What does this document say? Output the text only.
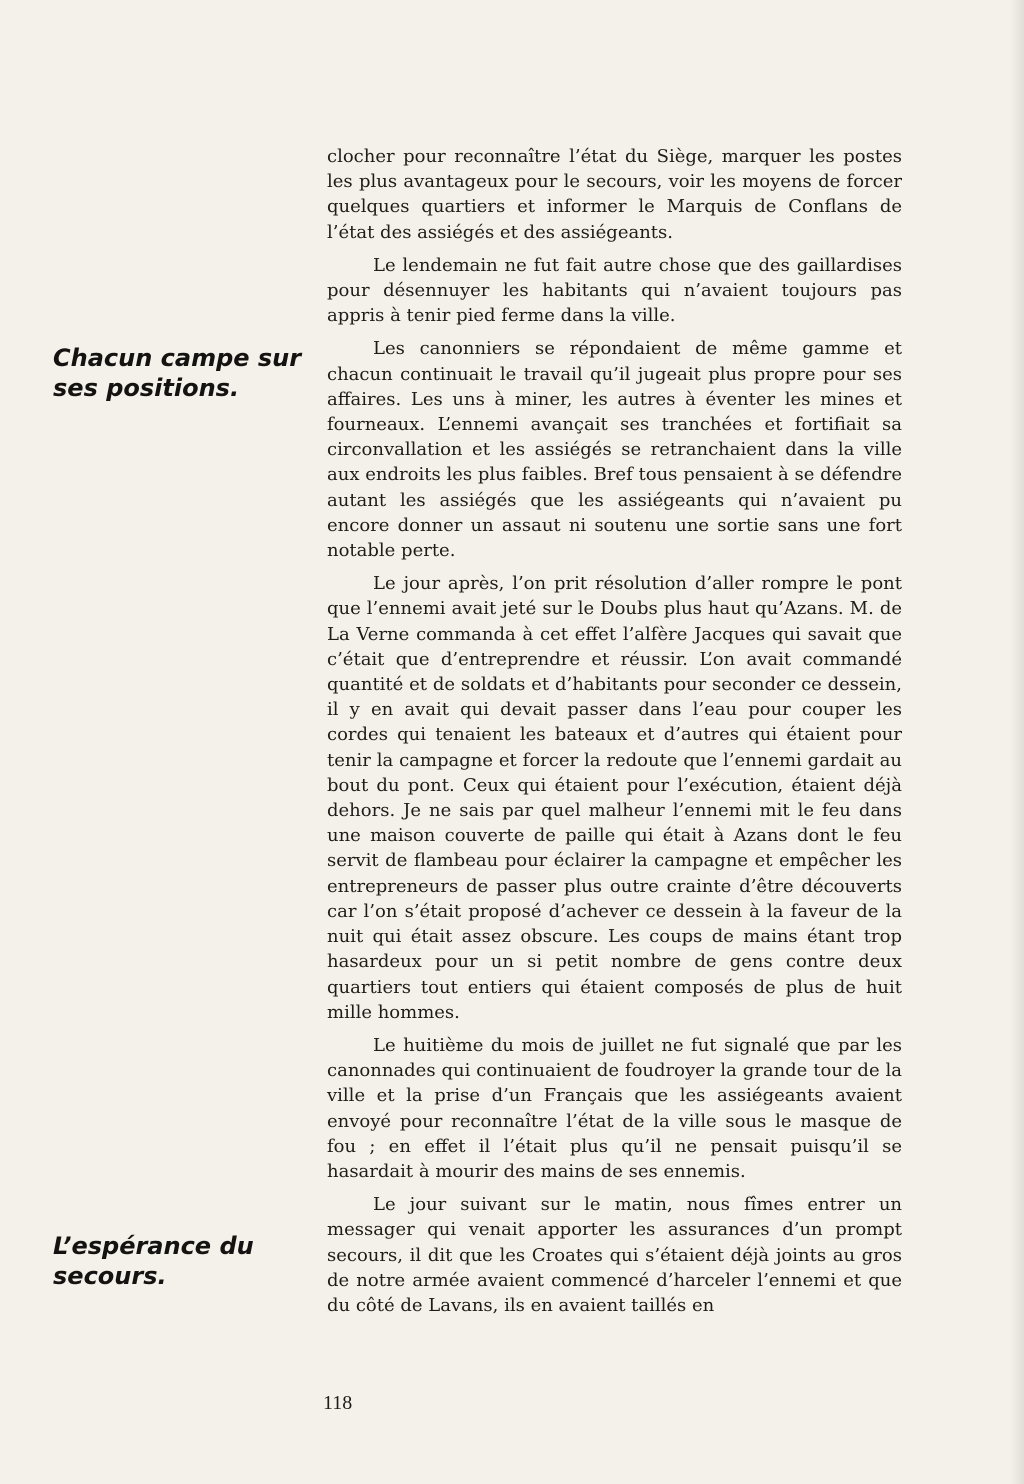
Chacun campe sur ses positions.
L’espérance du secours.

clocher pour reconnaître l’état du Siège, marquer les postes les plus avantageux pour le secours, voir les moyens de forcer quelques quartiers et informer le Marquis de Conflans de l’état des assiégés et des assiégeants.

Le lendemain ne fut fait autre chose que des gaillardises pour désennuyer les habitants qui n’avaient toujours pas appris à tenir pied ferme dans la ville.

Les canonniers se répondaient de même gamme et chacun continuait le travail qu’il jugeait plus propre pour ses affaires. Les uns à miner, les autres à éventer les mines et fourneaux. L’ennemi avançait ses tranchées et fortifiait sa circonvallation et les assiégés se retranchaient dans la ville aux endroits les plus faibles. Bref tous pensaient à se défendre autant les assiégés que les assiégeants qui n’avaient pu encore donner un assaut ni soutenu une sortie sans une fort notable perte.

Le jour après, l’on prit résolution d’aller rompre le pont que l’ennemi avait jeté sur le Doubs plus haut qu’Azans. M. de La Verne commanda à cet effet l’alfère Jacques qui savait que c’était que d’entreprendre et réussir. L’on avait commandé quantité et de soldats et d’habitants pour seconder ce dessein, il y en avait qui devait passer dans l’eau pour couper les cordes qui tenaient les bateaux et d’autres qui étaient pour tenir la campagne et forcer la redoute que l’ennemi gardait au bout du pont. Ceux qui étaient pour l’exécution, étaient déjà dehors. Je ne sais par quel malheur l’ennemi mit le feu dans une maison couverte de paille qui était à Azans dont le feu servit de flambeau pour éclairer la campagne et empêcher les entrepreneurs de passer plus outre crainte d’être découverts car l’on s’était proposé d’achever ce dessein à la faveur de la nuit qui était assez obscure. Les coups de mains étant trop hasardeux pour un si petit nombre de gens contre deux quartiers tout entiers qui étaient composés de plus de huit mille hommes.

Le huitième du mois de juillet ne fut signalé que par les canonnades qui continuaient de foudroyer la grande tour de la ville et la prise d’un Français que les assiégeants avaient envoyé pour reconnaître l’état de la ville sous le masque de fou ; en effet il l’était plus qu’il ne pensait puisqu’il se hasardait à mourir des mains de ses ennemis.

Le jour suivant sur le matin, nous fîmes entrer un messager qui venait apporter les assurances d’un prompt secours, il dit que les Croates qui s’étaient déjà joints au gros de notre armée avaient commencé d’harceler l’ennemi et que du côté de Lavans, ils en avaient taillés en

118
